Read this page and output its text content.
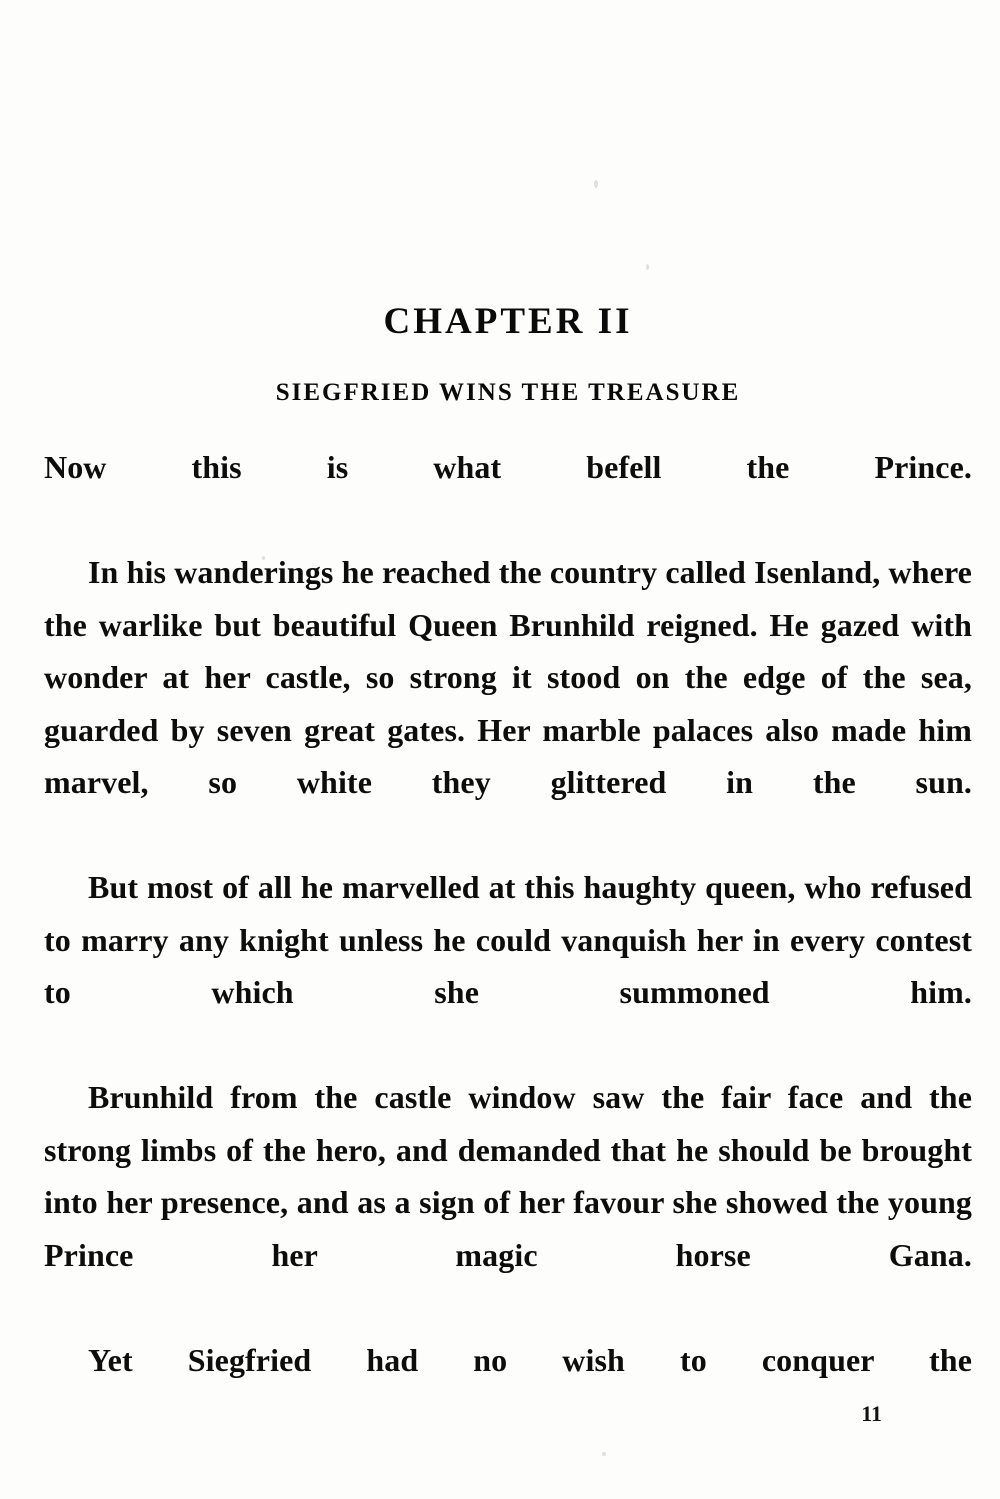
CHAPTER II
SIEGFRIED WINS THE TREASURE

Now this is what befell the Prince.

In his wanderings he reached the country called Isenland, where the warlike but beautiful Queen Brunhild reigned. He gazed with wonder at her castle, so strong it stood on the edge of the sea, guarded by seven great gates. Her marble palaces also made him marvel, so white they glittered in the sun.

But most of all he marvelled at this haughty queen, who refused to marry any knight unless he could vanquish her in every contest to which she summoned him.

Brunhild from the castle window saw the fair face and the strong limbs of the hero, and demanded that he should be brought into her presence, and as a sign of her favour she showed the young Prince her magic horse Gana.

Yet Siegfried had no wish to conquer the

11
